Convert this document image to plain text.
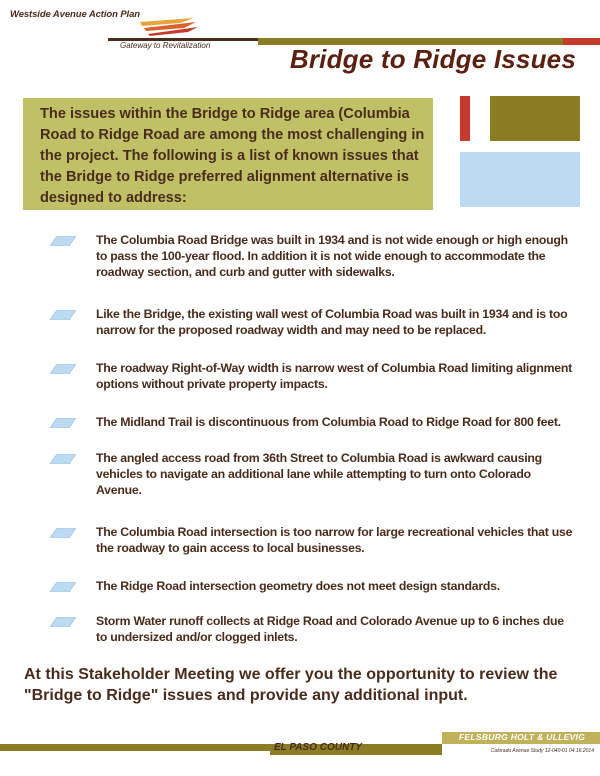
Westside Avenue Action Plan
Gateway to Revitalization	Bridge to Ridge Issues
The issues within the Bridge to Ridge area (Columbia Road to Ridge Road are among the most challenging in the project. The following is a list of known issues that the Bridge to Ridge preferred alignment alternative is designed to address:
The Columbia Road Bridge was built in 1934 and is not wide enough or high enough to pass the 100-year flood. In addition it is not wide enough to accommodate the roadway section, and curb and gutter with sidewalks.
Like the Bridge, the existing wall west of Columbia Road was built in 1934 and is too narrow for the proposed roadway width and may need to be replaced.
The roadway Right-of-Way width is narrow west of Columbia Road limiting alignment options without private property impacts.
The Midland Trail is discontinuous from Columbia Road to Ridge Road for 800 feet.
The angled access road from 36th Street to Columbia Road is awkward causing vehicles to navigate an additional lane while attempting to turn onto Colorado Avenue.
The Columbia Road intersection is too narrow for large recreational vehicles that use the roadway to gain access to local businesses.
The Ridge Road intersection geometry does not meet design standards.
Storm Water runoff collects at Ridge Road and Colorado Avenue up to 6 inches due to undersized and/or clogged inlets.
At this Stakeholder Meeting we offer you the opportunity to review the "Bridge to Ridge" issues and provide any additional input.
EL PASO COUNTY
FELSBURG HOLT & ULLEVIG
Colorado Avenue Study 12-040-01 04.16.2014
